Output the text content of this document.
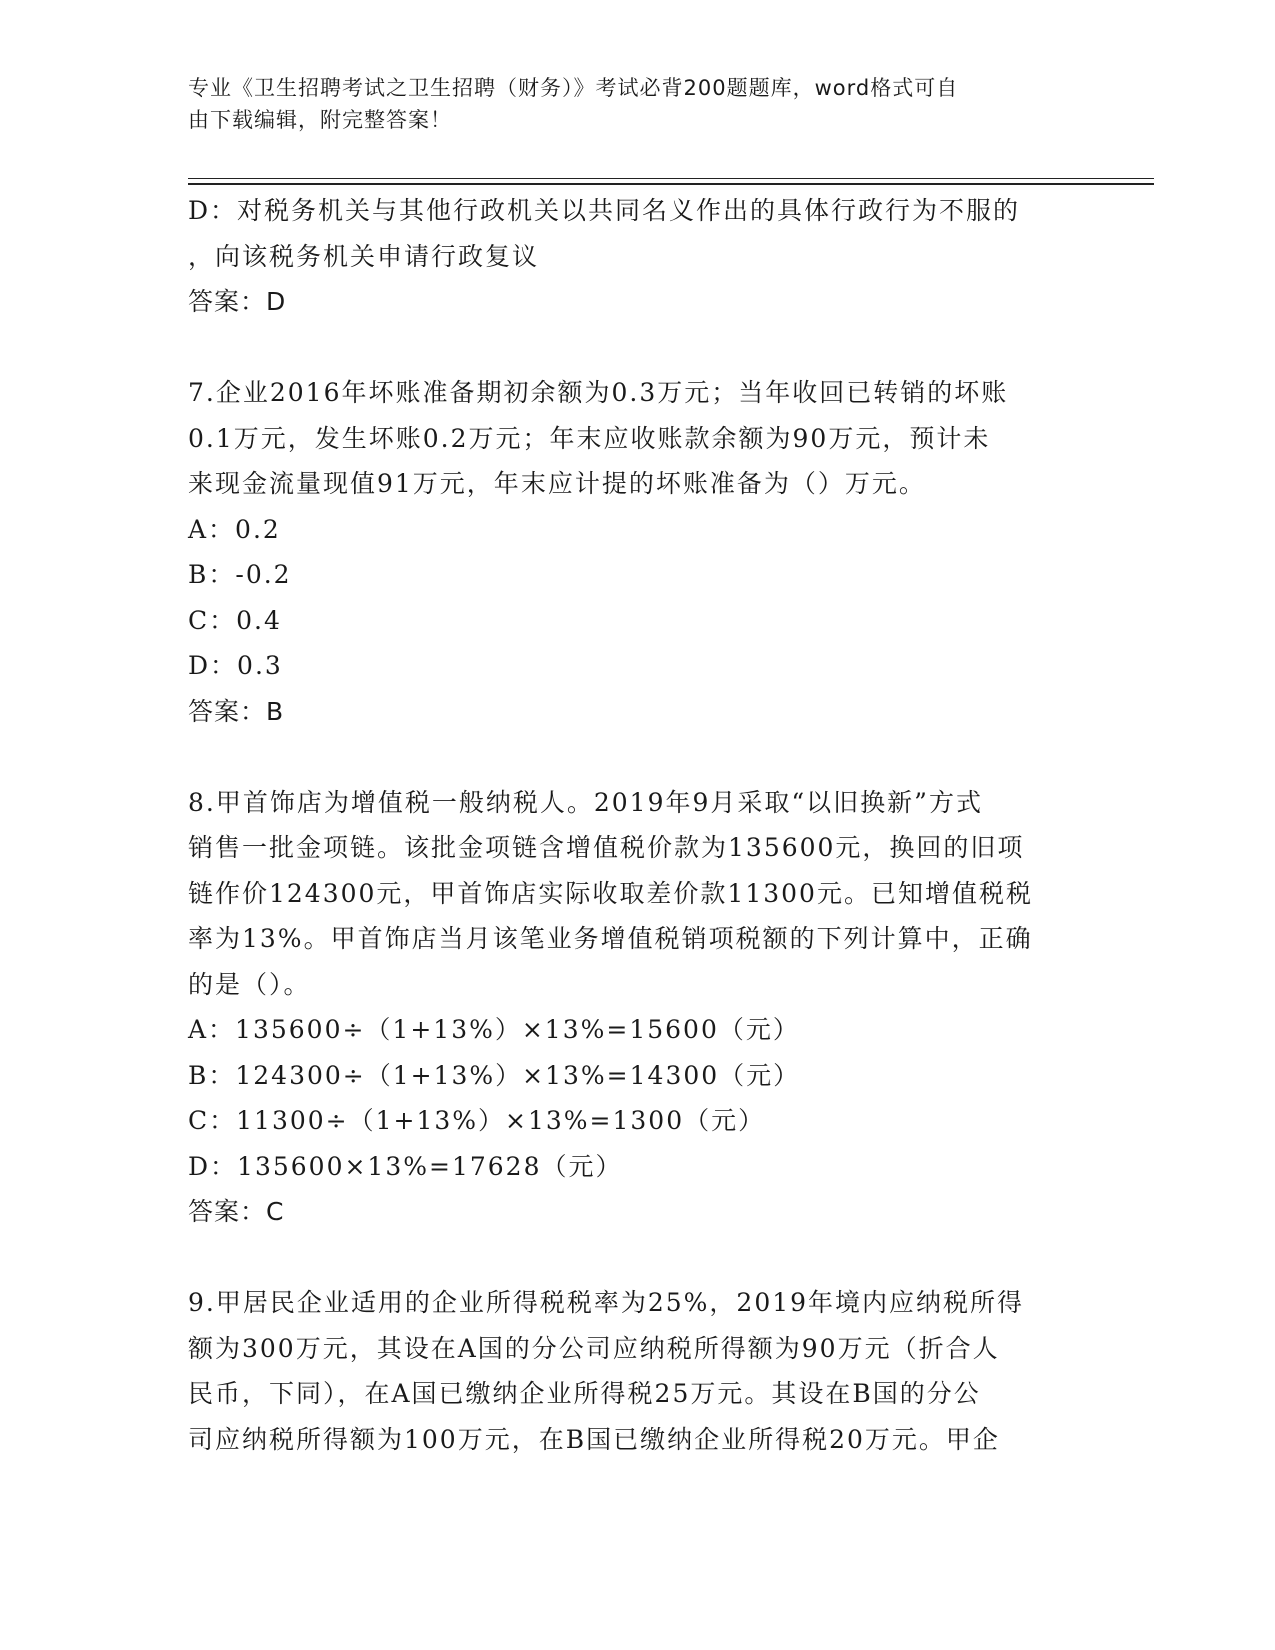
专业《卫生招聘考试之卫生招聘（财务）》考试必背200题题库，word格式可自
由下载编辑，附完整答案！
D：对税务机关与其他行政机关以共同名义作出的具体行政行为不服的
，向该税务机关申请行政复议
答案：D
7.企业2016年坏账准备期初余额为0.3万元；当年收回已转销的坏账
0.1万元，发生坏账0.2万元；年末应收账款余额为90万元，预计未
来现金流量现值91万元，年末应计提的坏账准备为（）万元。
A：0.2
B：-0.2
C：0.4
D：0.3
答案：B
8.甲首饰店为增值税一般纳税人。2019年9月采取“以旧换新”方式
销售一批金项链。该批金项链含增值税价款为135600元，换回的旧项
链作价124300元，甲首饰店实际收取差价款11300元。已知增值税税
率为13%。甲首饰店当月该笔业务增值税销项税额的下列计算中，正确
的是（）。
A：135600÷（1+13%）×13%=15600（元）
B：124300÷（1+13%）×13%=14300（元）
C：11300÷（1+13%）×13%=1300（元）
D：135600×13%=17628（元）
答案：C
9.甲居民企业适用的企业所得税税率为25%，2019年境内应纳税所得
额为300万元，其设在A国的分公司应纳税所得额为90万元（折合人
民币，下同），在A国已缴纳企业所得税25万元。其设在B国的分公
司应纳税所得额为100万元，在B国已缴纳企业所得税20万元。甲企
